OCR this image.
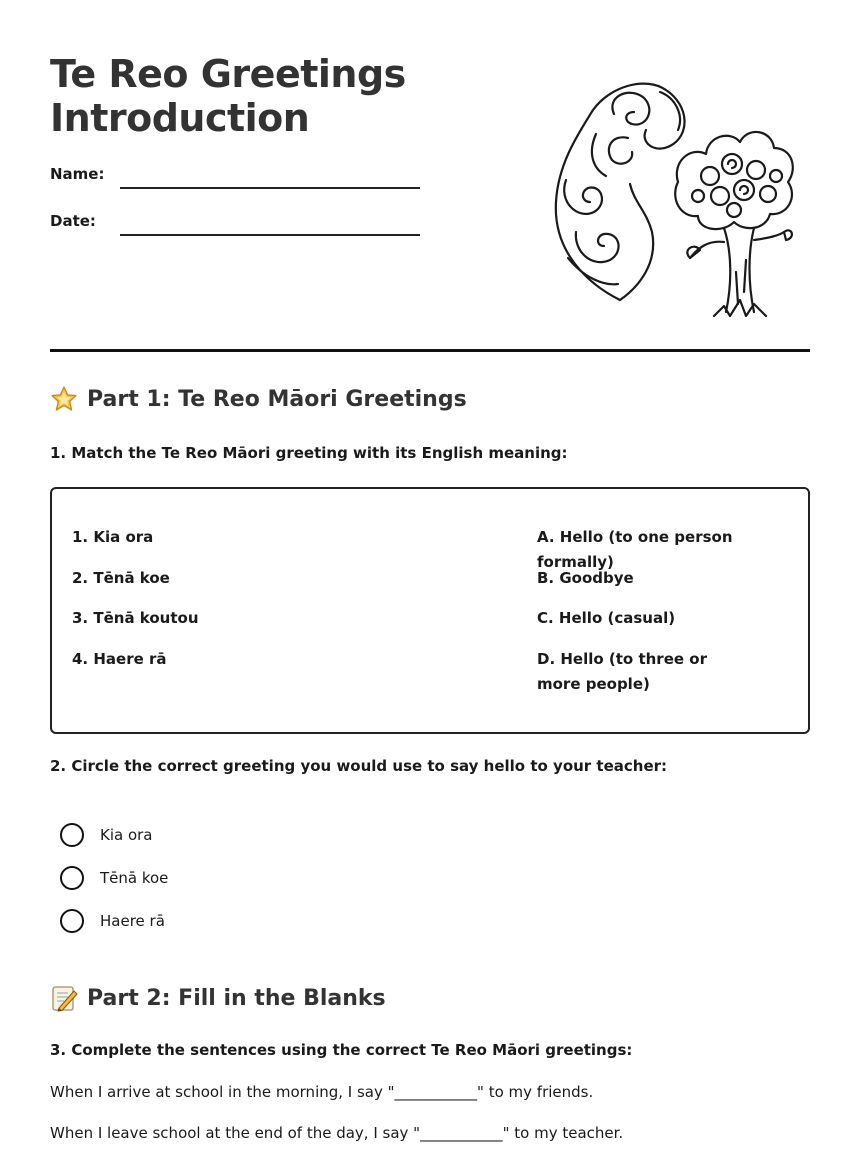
Te Reo Greetings
Introduction
Name:
Date:
Part 1: Te Reo Māori Greetings

1. Match the Te Reo Māori greeting with its English meaning:

1. Kia ora
2. Tēnā koe
3. Tēnā koutou
4. Haere rā
A. Hello (to one person formally)
B. Goodbye
C. Hello (casual)
D. Hello (to three or more people)

2. Circle the correct greeting you would use to say hello to your teacher:

Kia ora
Tēnā koe
Haere rā
Part 2: Fill in the Blanks

3. Complete the sentences using the correct Te Reo Māori greetings:

When I arrive at school in the morning, I say "___________" to my friends.

When I leave school at the end of the day, I say "___________" to my teacher.
